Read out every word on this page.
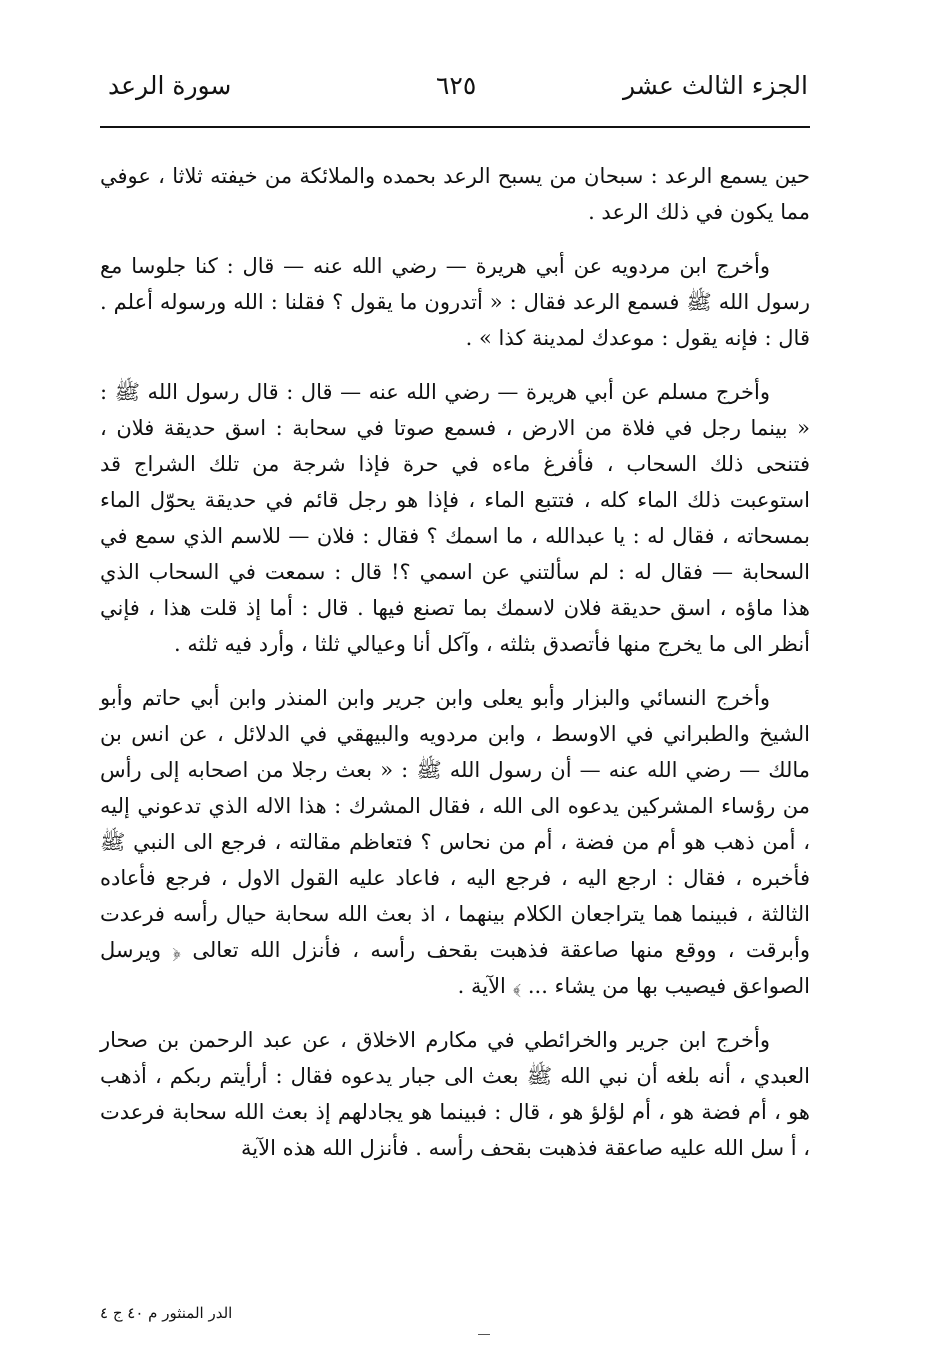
الجزء الثالث عشر
٦٢٥
سورة الرعد

حين يسمع الرعد : سبحان من يسبح الرعد بحمده والملائكة من خيفته ثلاثا ، عوفي مما يكون في ذلك الرعد .

وأخرج ابن مردويه عن أبي هريرة — رضي الله عنه — قال : كنا جلوسا مع رسول الله ﷺ فسمع الرعد فقال : « أتدرون ما يقول ؟ فقلنا : الله ورسوله أعلم . قال : فإنه يقول : موعدك لمدينة كذا » .

وأخرج مسلم عن أبي هريرة — رضي الله عنه — قال : قال رسول الله ﷺ : « بينما رجل في فلاة من الارض ، فسمع صوتا في سحابة : اسق حديقة فلان ، فتنحى ذلك السحاب ، فأفرغ ماءه في حرة فإذا شرجة من تلك الشراج قد استوعبت ذلك الماء كله ، فتتبع الماء ، فإذا هو رجل قائم في حديقة يحوّل الماء بمسحاته ، فقال له : يا عبدالله ، ما اسمك ؟ فقال : فلان — للاسم الذي سمع في السحابة — فقال له : لم سألتني عن اسمي ؟! قال : سمعت في السحاب الذي هذا ماؤه ، اسق حديقة فلان لاسمك بما تصنع فيها . قال : أما إذ قلت هذا ، فإني أنظر الى ما يخرج منها فأتصدق بثلثه ، وآكل أنا وعيالي ثلثا ، وأرد فيه ثلثه .

وأخرج النسائي والبزار وأبو يعلى وابن جرير وابن المنذر وابن أبي حاتم وأبو الشيخ والطبراني في الاوسط ، وابن مردويه والبيهقي في الدلائل ، عن انس بن مالك — رضي الله عنه — أن رسول الله ﷺ : « بعث رجلا من اصحابه إلى رأس من رؤساء المشركين يدعوه الى الله ، فقال المشرك : هذا الاله الذي تدعوني إليه ، أمن ذهب هو أم من فضة ، أم من نحاس ؟ فتعاظم مقالته ، فرجع الى النبي ﷺ فأخبره ، فقال : ارجع اليه ، فرجع اليه ، فاعاد عليه القول الاول ، فرجع فأعاده الثالثة ، فبينما هما يتراجعان الكلام بينهما ، اذ بعث الله سحابة حيال رأسه فرعدت وأبرقت ، ووقع منها صاعقة فذهبت بقحف رأسه ، فأنزل الله تعالى ﴿ ويرسل الصواعق فيصيب بها من يشاء ... ﴾ الآية .

وأخرج ابن جرير والخرائطي في مكارم الاخلاق ، عن عبد الرحمن بن صحار العبدي ، أنه بلغه أن نبي الله ﷺ بعث الى جبار يدعوه فقال : أرأيتم ربكم ، أذهب هو ، أم فضة هو ، أم لؤلؤ هو ، قال : فبينما هو يجادلهم إذ بعث الله سحابة فرعدت ، أ سل الله عليه صاعقة فذهبت بقحف رأسه . فأنزل الله هذه الآية

الدر المنثور م ٤٠ ج ٤
